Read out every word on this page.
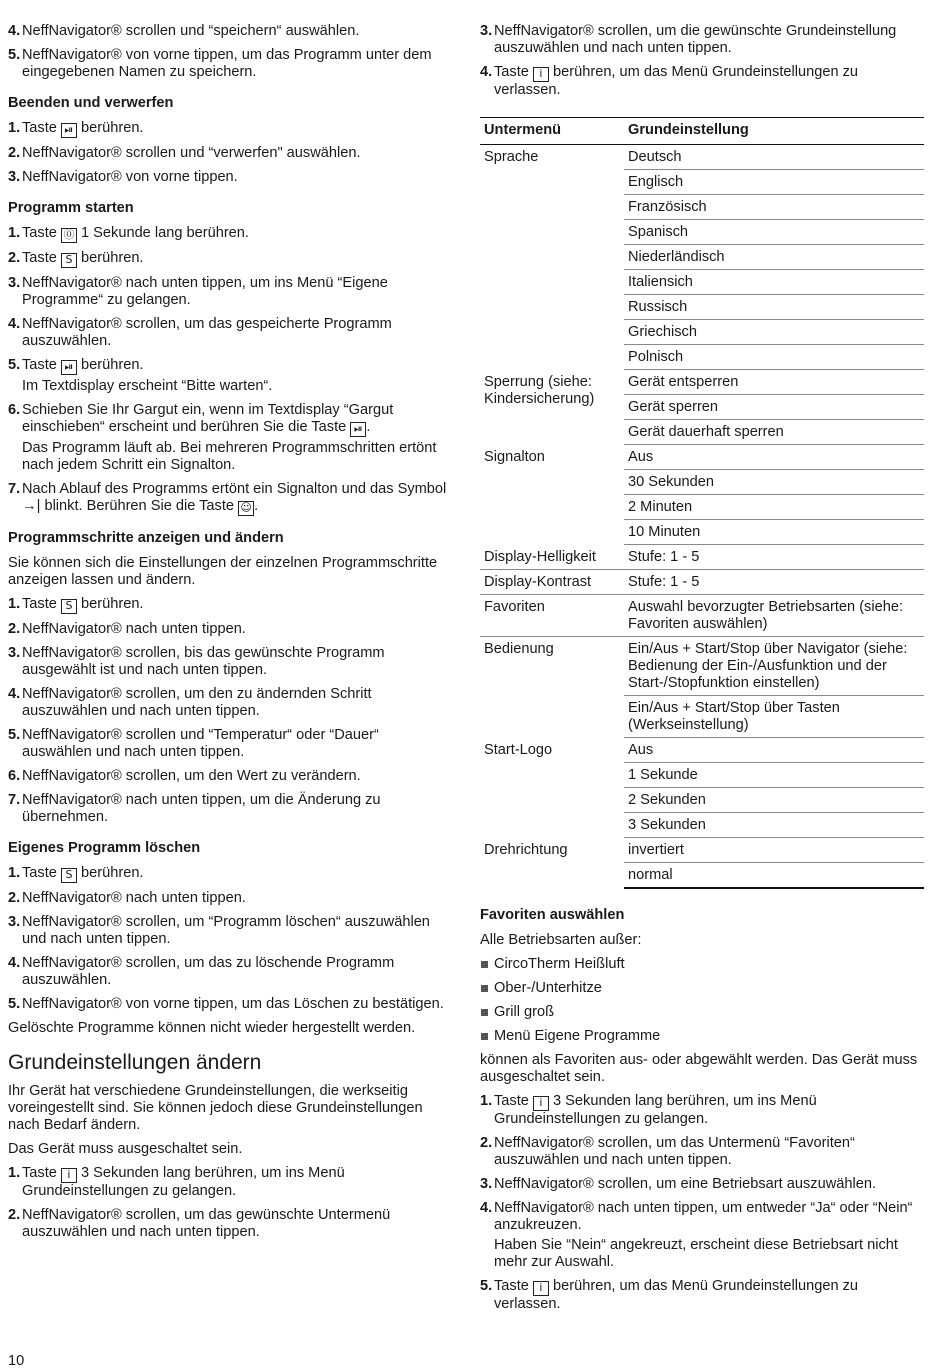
4. NeffNavigator® scrollen und “speichern“ auswählen.
5. NeffNavigator® von vorne tippen, um das Programm unter dem eingegebenen Namen zu speichern.
Beenden und verwerfen
1. Taste ⏯ berühren.
2. NeffNavigator® scrollen und “verwerfen" auswählen.
3. NeffNavigator® von vorne tippen.
Programm starten
1. Taste ⓪ 1 Sekunde lang berühren.
2. Taste S berühren.
3. NeffNavigator® nach unten tippen, um ins Menü “Eigene Programme“ zu gelangen.
4. NeffNavigator® scrollen, um das gespeicherte Programm auszuwählen.
5. Taste ⏯ berühren.
Im Textdisplay erscheint “Bitte warten“.
6. Schieben Sie Ihr Gargut ein, wenn im Textdisplay “Gargut einschieben“ erscheint und berühren Sie die Taste ⏯ .
Das Programm läuft ab. Bei mehreren Programmschritten ertönt nach jedem Schritt ein Signalton.
7. Nach Ablauf des Programms ertönt ein Signalton und das Symbol →| blinkt. Berühren Sie die Taste ☺ .
Programmschritte anzeigen und ändern

Sie können sich die Einstellungen der einzelnen Programmschritte anzeigen lassen und ändern.

1. Taste S berühren.
2. NeffNavigator® nach unten tippen.
3. NeffNavigator® scrollen, bis das gewünschte Programm ausgewählt ist und nach unten tippen.
4. NeffNavigator® scrollen, um den zu ändernden Schritt auszuwählen und nach unten tippen.
5. NeffNavigator® scrollen und “Temperatur“ oder “Dauer“ auswählen und nach unten tippen.
6. NeffNavigator® scrollen, um den Wert zu verändern.
7. NeffNavigator® nach unten tippen, um die Änderung zu übernehmen.
Eigenes Programm löschen
1. Taste S berühren.
2. NeffNavigator® nach unten tippen.
3. NeffNavigator® scrollen, um “Programm löschen“ auszuwählen und nach unten tippen.
4. NeffNavigator® scrollen, um das zu löschende Programm auszuwählen.
5. NeffNavigator® von vorne tippen, um das Löschen zu bestätigen.

Gelöschte Programme können nicht wieder hergestellt werden.

Grundeinstellungen ändern

Ihr Gerät hat verschiedene Grundeinstellungen, die werkseitig voreingestellt sind. Sie können jedoch diese Grundeinstellungen nach Bedarf ändern.

Das Gerät muss ausgeschaltet sein.

1. Taste i 3 Sekunden lang berühren, um ins Menü Grundeinstellungen zu gelangen.
2. NeffNavigator® scrollen, um das gewünschte Untermenü auszuwählen und nach unten tippen.
3. NeffNavigator® scrollen, um die gewünschte Grundeinstellung auszuwählen und nach unten tippen.
4. Taste i berühren, um das Menü Grundeinstellungen zu verlassen.
Untermenü	Grundeinstellung
Sprache	Deutsch
	Englisch
	Französisch
	Spanisch
	Niederländisch
	Italiensich
	Russisch
	Griechisch
	Polnisch
Sperrung (siehe: Kindersicherung)	Gerät entsperren
	Gerät sperren
	Gerät dauerhaft sperren
Signalton	Aus
	30 Sekunden
	2 Minuten
	10 Minuten
Display-Helligkeit	Stufe: 1 - 5
Display-Kontrast	Stufe: 1 - 5
Favoriten	Auswahl bevorzugter Betriebsarten (siehe: Favoriten auswählen)
Bedienung	Ein/Aus + Start/Stop über Navigator (siehe: Bedienung der Ein-/Ausfunktion und der Start-/Stopfunktion einstellen)
	Ein/Aus + Start/Stop über Tasten (Werkseinstellung)
Start-Logo	Aus
	1 Sekunde
	2 Sekunden
	3 Sekunden
Drehrichtung	invertiert
	normal
Favoriten auswählen

Alle Betriebsarten außer:

CircoTherm Heißluft
Ober-/Unterhitze
Grill groß
Menü Eigene Programme

können als Favoriten aus- oder abgewählt werden. Das Gerät muss ausgeschaltet sein.

1. Taste i 3 Sekunden lang berühren, um ins Menü Grundeinstellungen zu gelangen.
2. NeffNavigator® scrollen, um das Untermenü “Favoriten“ auszuwählen und nach unten tippen.
3. NeffNavigator® scrollen, um eine Betriebsart auszuwählen.
4. NeffNavigator® nach unten tippen, um entweder “Ja“ oder “Nein“ anzukreuzen.
Haben Sie “Nein“ angekreuzt, erscheint diese Betriebsart nicht mehr zur Auswahl.
5. Taste i berühren, um das Menü Grundeinstellungen zu verlassen.
10
